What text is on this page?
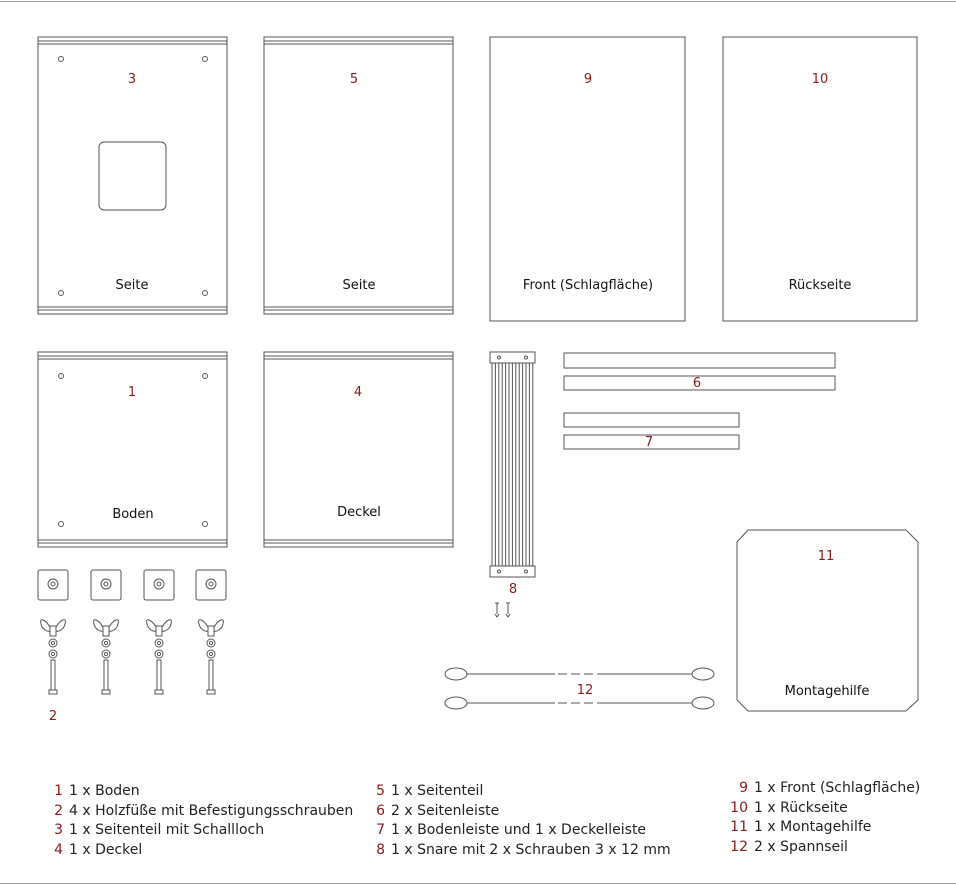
3	5	9	10
1	4
6
7
8
11
2
12
Seite	Seite	Front (Schlagfläche)	Rückseite
Boden	Deckel
Montagehilfe
1 1 x Boden
2 4 x Holzfüße mit Befestigungsschrauben
3 1 x Seitenteil mit Schallloch
4 1 x Deckel
5 1 x Seitenteil
6 2 x Seitenleiste
7 1 x Bodenleiste und 1 x Deckelleiste
8 1 x Snare mit 2 x Schrauben 3 x 12 mm
9 1 x Front (Schlagfläche)
10 1 x Rückseite
11 1 x Montagehilfe
12 2 x Spannseil
